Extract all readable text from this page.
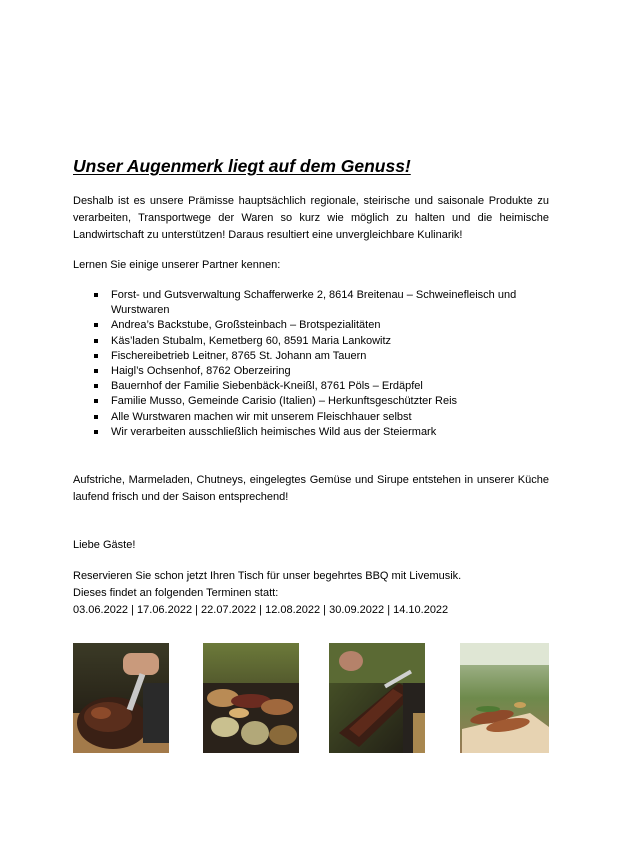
Unser Augenmerk liegt auf dem Genuss!
Deshalb ist es unsere Prämisse hauptsächlich regionale, steirische und saisonale Produkte zu verarbeiten, Transportwege der Waren so kurz wie möglich zu halten und die heimische Landwirtschaft zu unterstützen! Daraus resultiert eine unvergleichbare Kulinarik!
Lernen Sie einige unserer Partner kennen:
Forst- und Gutsverwaltung Schafferwerke 2, 8614 Breitenau – Schweinefleisch und Wurstwaren
Andrea’s Backstube, Großsteinbach – Brotspezialitäten
Käs’laden Stubalm, Kemetberg 60, 8591 Maria Lankowitz
Fischereibetrieb Leitner, 8765 St. Johann am Tauern
Haigl’s Ochsenhof, 8762 Oberzeiring
Bauernhof der Familie Siebenbäck-Kneißl, 8761 Pöls – Erdäpfel
Familie Musso, Gemeinde Carisio (Italien) – Herkunftsgeschützter Reis
Alle Wurstwaren machen wir mit unserem Fleischhauer selbst
Wir verarbeiten ausschließlich heimisches Wild aus der Steiermark
Aufstriche, Marmeladen, Chutneys, eingelegtes Gemüse und Sirupe entstehen in unserer Küche laufend frisch und der Saison entsprechend!
Liebe Gäste!
Reservieren Sie schon jetzt Ihren Tisch für unser begehrtes BBQ mit Livemusik.
Dieses findet an folgenden Terminen statt:
03.06.2022 | 17.06.2022 | 22.07.2022 | 12.08.2022 | 30.09.2022 | 14.10.2022
